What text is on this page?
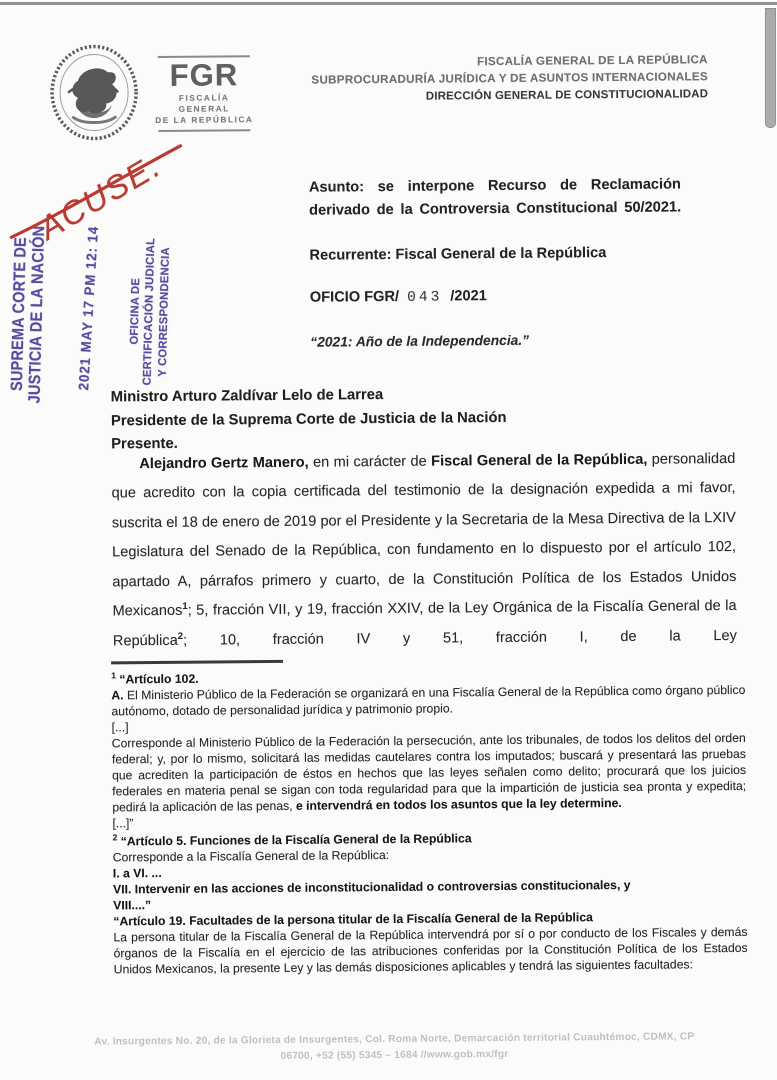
FGR
FISCALÍA GENERAL
DE LA REPÚBLICA
FISCALÍA GENERAL DE LA REPÚBLICA
SUBPROCURADURÍA JURÍDICA Y DE ASUNTOS INTERNACIONALES
DIRECCIÓN GENERAL DE CONSTITUCIONALIDAD
SUPREMA CORTE DE
JUSTICIA DE LA NACIÓN 2021 MAY 17 PM 12: 14 OFICINA DE CERTIFICACIÓN JUDICIAL
Y CORRESPONDENCIA
ACUSE.	Asunto: se interpone Recurso de Reclamación derivado de la Controversia Constitucional 50/2021.
Recurrente: Fiscal General de la República
OFICIO FGR/ 043 /2021
“2021: Año de la Independencia.”
Ministro Arturo Zaldívar Lelo de Larrea
Presidente de la Suprema Corte de Justicia de la Nación
Presente.
Alejandro Gertz Manero, en mi carácter de Fiscal General de la República, personalidad que acredito con la copia certificada del testimonio de la designación expedida a mi favor, suscrita el 18 de enero de 2019 por el Presidente y la Secretaria de la Mesa Directiva de la LXIV Legislatura del Senado de la República, con fundamento en lo dispuesto por el artículo 102, apartado A, párrafos primero y cuarto, de la Constitución Política de los Estados Unidos Mexicanos$^1$; 5, fracción VII, y 19, fracción XXIV, de la Ley Orgánica de la Fiscalía General de la República$^2$; 10, fracción IV y 51, fracción I, de la Ley
$^1$ “Artículo 102.
A. El Ministerio Público de la Federación se organizará en una Fiscalía General de la República como órgano público autónomo, dotado de personalidad jurídica y patrimonio propio.
[...]
Corresponde al Ministerio Público de la Federación la persecución, ante los tribunales, de todos los delitos del orden federal; y, por lo mismo, solicitará las medidas cautelares contra los imputados; buscará y presentará las pruebas que acrediten la participación de éstos en hechos que las leyes señalen como delito; procurará que los juicios federales en materia penal se sigan con toda regularidad para que la impartición de justicia sea pronta y expedita; pedirá la aplicación de las penas, e intervendrá en todos los asuntos que la ley determine.
[...]”
$^2$ “Artículo 5. Funciones de la Fiscalía General de la República
Corresponde a la Fiscalía General de la República:
I. a VI. ...
VII. Intervenir en las acciones de inconstitucionalidad o controversias constitucionales, y
VIII....”
“Artículo 19. Facultades de la persona titular de la Fiscalía General de la República
La persona titular de la Fiscalía General de la República intervendrá por sí o por conducto de los Fiscales y demás órganos de la Fiscalía en el ejercicio de las atribuciones conferidas por la Constitución Política de los Estados Unidos Mexicanos, la presente Ley y las demás disposiciones aplicables y tendrá las siguientes facultades:
Av. Insurgentes No. 20, de la Glorieta de Insurgentes, Col. Roma Norte, Demarcación territorial Cuauhtémoc, CDMX, CP
06700, +52 (55) 5345 – 1684 //www.gob.mx/fgr
